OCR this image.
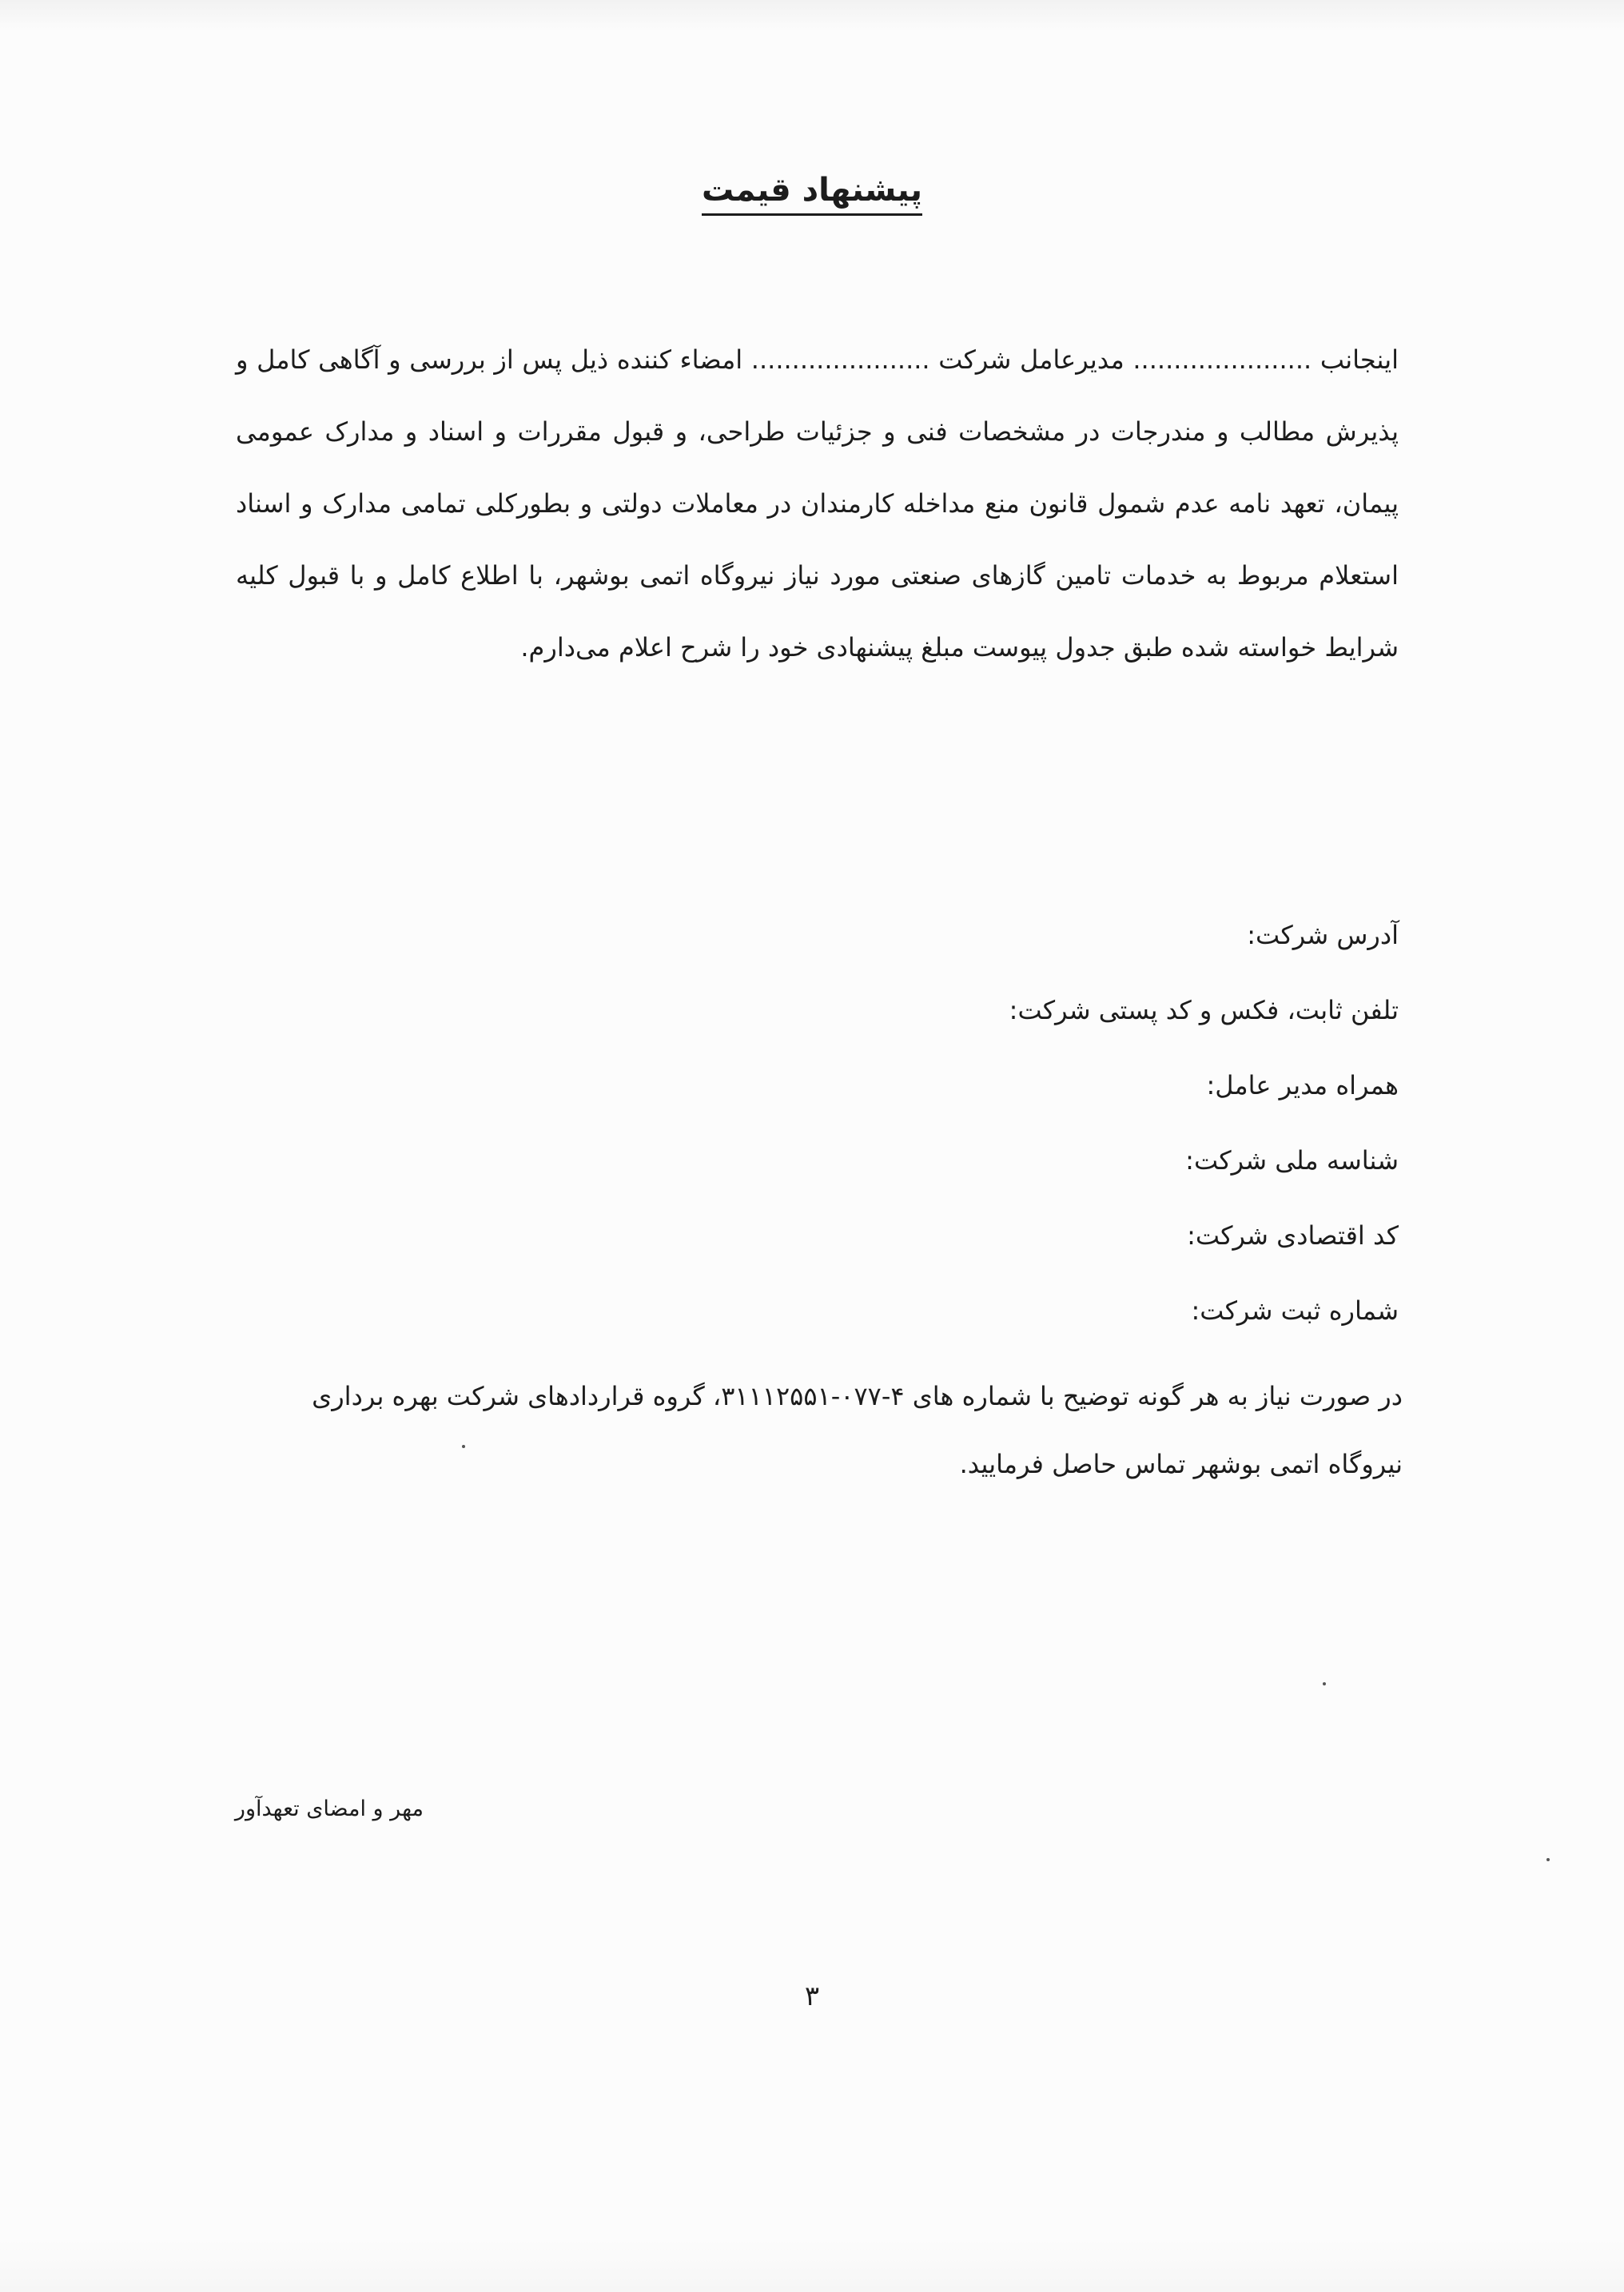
پیشنهاد قیمت

اینجانب ...................... مدیرعامل شرکت ...................... امضاء کننده ذیل پس از بررسی و آگاهی کامل و پذیرش مطالب و مندرجات در مشخصات فنی و جزئیات طراحی، و قبول مقررات و اسناد و مدارک عمومی پیمان، تعهد نامه عدم شمول قانون منع مداخله کارمندان در معاملات دولتی و بطورکلی تمامی مدارک و اسناد استعلام مربوط به خدمات تامین گازهای صنعتی مورد نیاز نیروگاه اتمی بوشهر، با اطلاع کامل و با قبول کلیه شرایط خواسته شده طبق جدول پیوست مبلغ پیشنهادی خود را شرح اعلام می‌دارم.

آدرس شرکت:
تلفن ثابت، فکس و کد پستی شرکت:
همراه مدیر عامل:
شناسه ملی شرکت:
کد اقتصادی شرکت:
شماره ثبت شرکت:

در صورت نیاز به هر گونه توضیح با شماره های ۴-۰۷۷-۳۱۱۱۲۵۵۱، گروه قراردادهای شرکت بهره برداری نیروگاه اتمی بوشهر تماس حاصل فرمایید.

مهر و امضای تعهدآور
۳
